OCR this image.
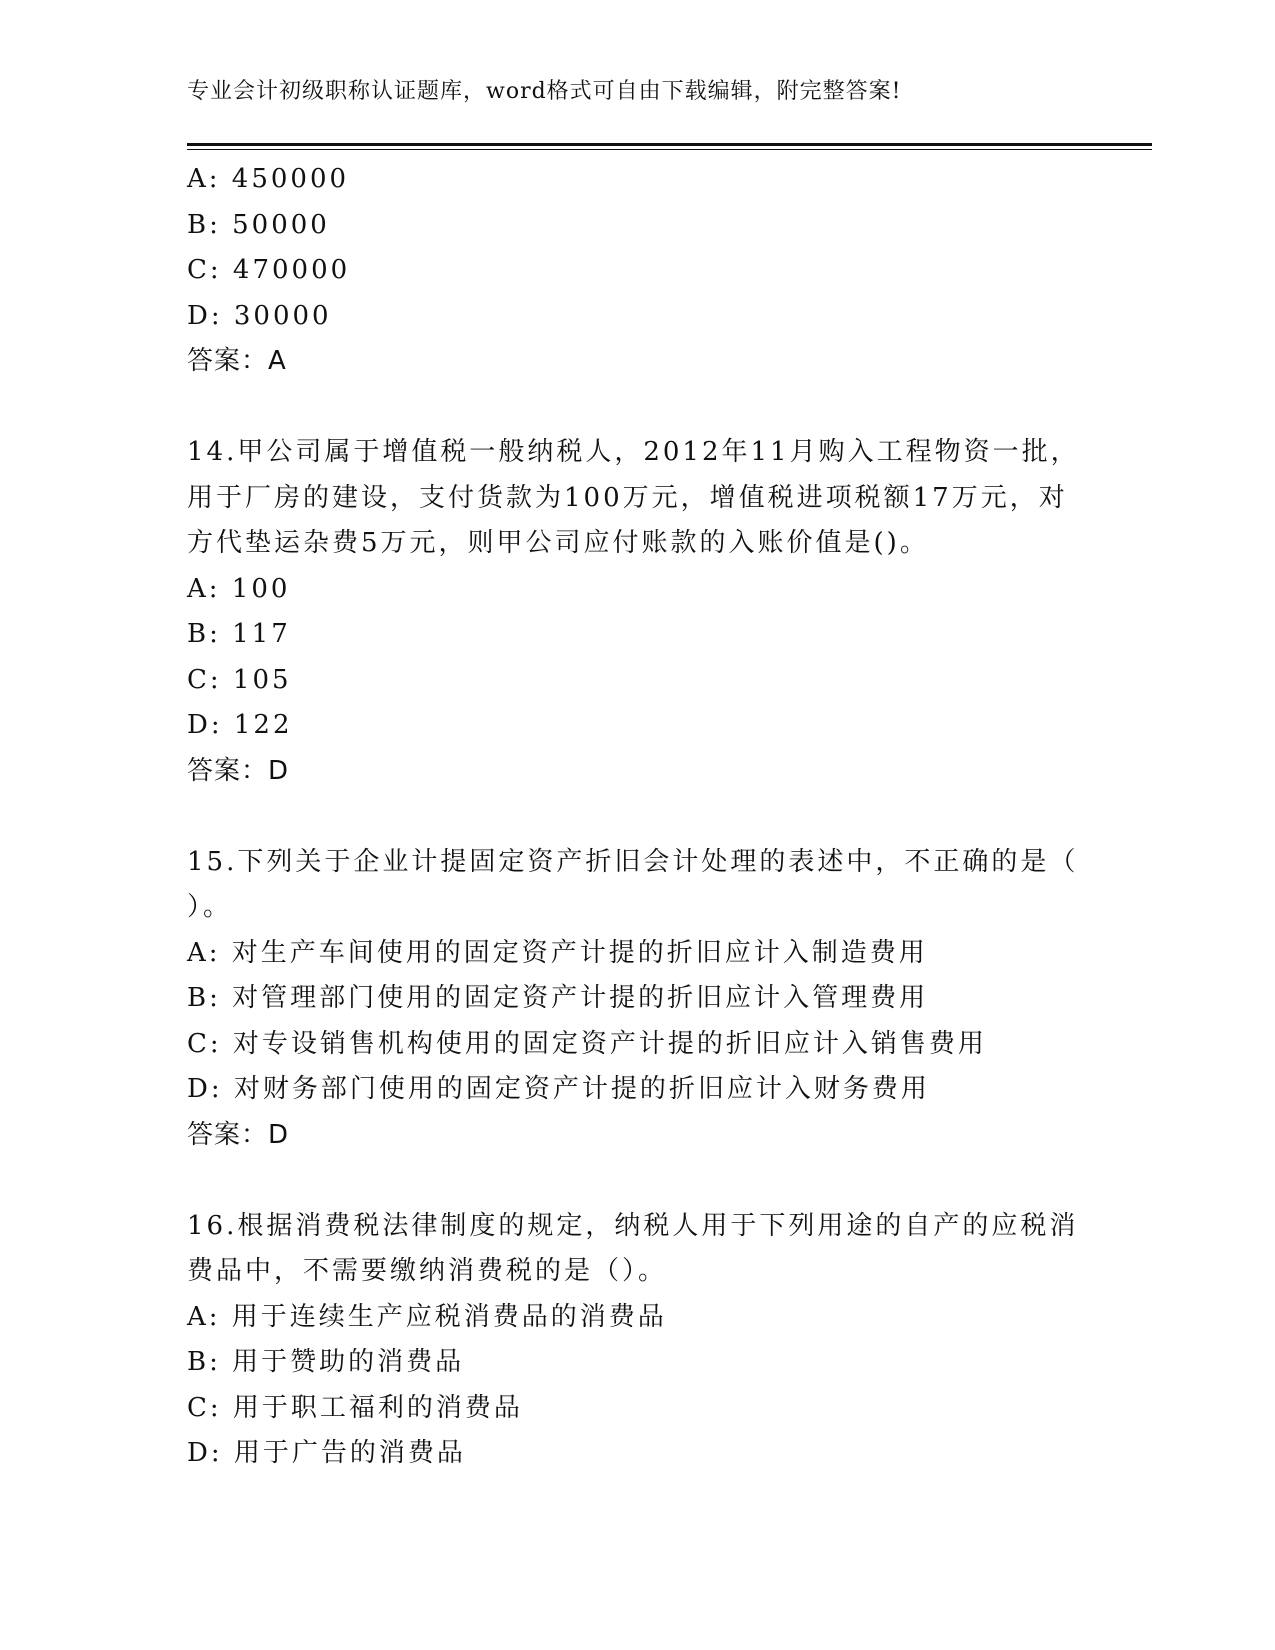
专业会计初级职称认证题库，word格式可自由下载编辑，附完整答案!
A: 450000
B: 50000
C: 470000
D: 30000
答案：A
14.甲公司属于增值税一般纳税人，2012年11月购入工程物资一批，
用于厂房的建设，支付货款为100万元，增值税进项税额17万元，对
方代垫运杂费5万元，则甲公司应付账款的入账价值是()。
A: 100
B: 117
C: 105
D: 122
答案：D
15.下列关于企业计提固定资产折旧会计处理的表述中，不正确的是（
）。
A: 对生产车间使用的固定资产计提的折旧应计入制造费用
B: 对管理部门使用的固定资产计提的折旧应计入管理费用
C: 对专设销售机构使用的固定资产计提的折旧应计入销售费用
D: 对财务部门使用的固定资产计提的折旧应计入财务费用
答案：D
16.根据消费税法律制度的规定，纳税人用于下列用途的自产的应税消
费品中，不需要缴纳消费税的是（）。
A: 用于连续生产应税消费品的消费品
B: 用于赞助的消费品
C: 用于职工福利的消费品
D: 用于广告的消费品
